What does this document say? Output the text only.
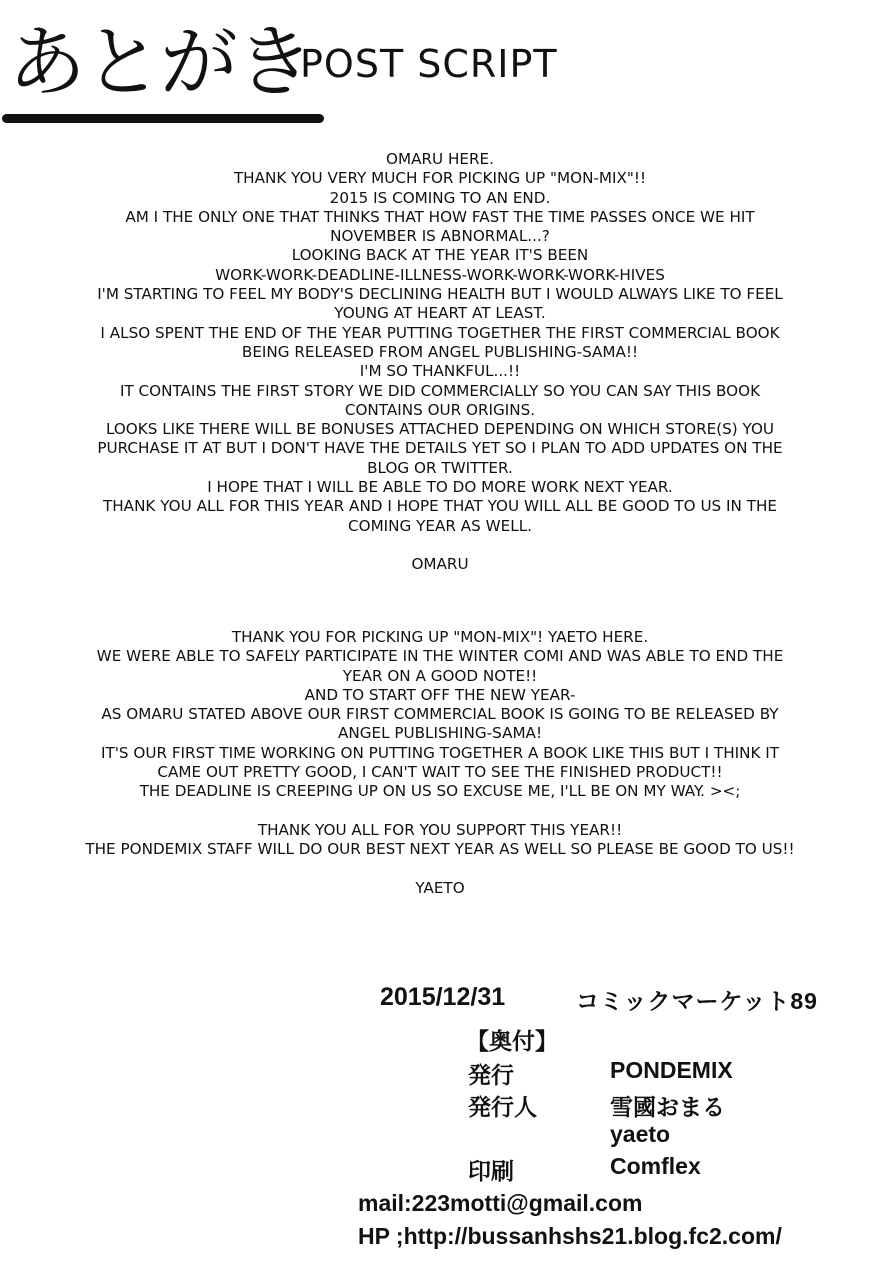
あとがき
POST SCRIPT

OMARU HERE.

THANK YOU VERY MUCH FOR PICKING UP "MON-MIX"!!

2015 IS COMING TO AN END.

AM I THE ONLY ONE THAT THINKS THAT HOW FAST THE TIME PASSES ONCE WE HIT

NOVEMBER IS ABNORMAL...?

LOOKING BACK AT THE YEAR IT'S BEEN

WORK-WORK-DEADLINE-ILLNESS-WORK-WORK-WORK-HIVES

I'M STARTING TO FEEL MY BODY'S DECLINING HEALTH BUT I WOULD ALWAYS LIKE TO FEEL

YOUNG AT HEART AT LEAST.

I ALSO SPENT THE END OF THE YEAR PUTTING TOGETHER THE FIRST COMMERCIAL BOOK

BEING RELEASED FROM ANGEL PUBLISHING-SAMA!!

I'M SO THANKFUL...!!

IT CONTAINS THE FIRST STORY WE DID COMMERCIALLY SO YOU CAN SAY THIS BOOK

CONTAINS OUR ORIGINS.

LOOKS LIKE THERE WILL BE BONUSES ATTACHED DEPENDING ON WHICH STORE(S) YOU

PURCHASE IT AT BUT I DON'T HAVE THE DETAILS YET SO I PLAN TO ADD UPDATES ON THE

BLOG OR TWITTER.

I HOPE THAT I WILL BE ABLE TO DO MORE WORK NEXT YEAR.

THANK YOU ALL FOR THIS YEAR AND I HOPE THAT YOU WILL ALL BE GOOD TO US IN THE

COMING YEAR AS WELL.

OMARU

THANK YOU FOR PICKING UP "MON-MIX"! YAETO HERE.

WE WERE ABLE TO SAFELY PARTICIPATE IN THE WINTER COMI AND WAS ABLE TO END THE

YEAR ON A GOOD NOTE!!

AND TO START OFF THE NEW YEAR-

AS OMARU STATED ABOVE OUR FIRST COMMERCIAL BOOK IS GOING TO BE RELEASED BY

ANGEL PUBLISHING-SAMA!

IT'S OUR FIRST TIME WORKING ON PUTTING TOGETHER A BOOK LIKE THIS BUT I THINK IT

CAME OUT PRETTY GOOD, I CAN'T WAIT TO SEE THE FINISHED PRODUCT!!

THE DEADLINE IS CREEPING UP ON US SO EXCUSE ME, I'LL BE ON MY WAY. ><;

THANK YOU ALL FOR YOU SUPPORT THIS YEAR!!

THE PONDEMIX STAFF WILL DO OUR BEST NEXT YEAR AS WELL SO PLEASE BE GOOD TO US!!

YAETO

2015/12/31	コミックマーケット89
【奥付】
発行	PONDEMIX
発行人	雪國おまる
yaeto
印刷	Comflex
mail:223motti@gmail.com
HP ;http://bussanhshs21.blog.fc2.com/
